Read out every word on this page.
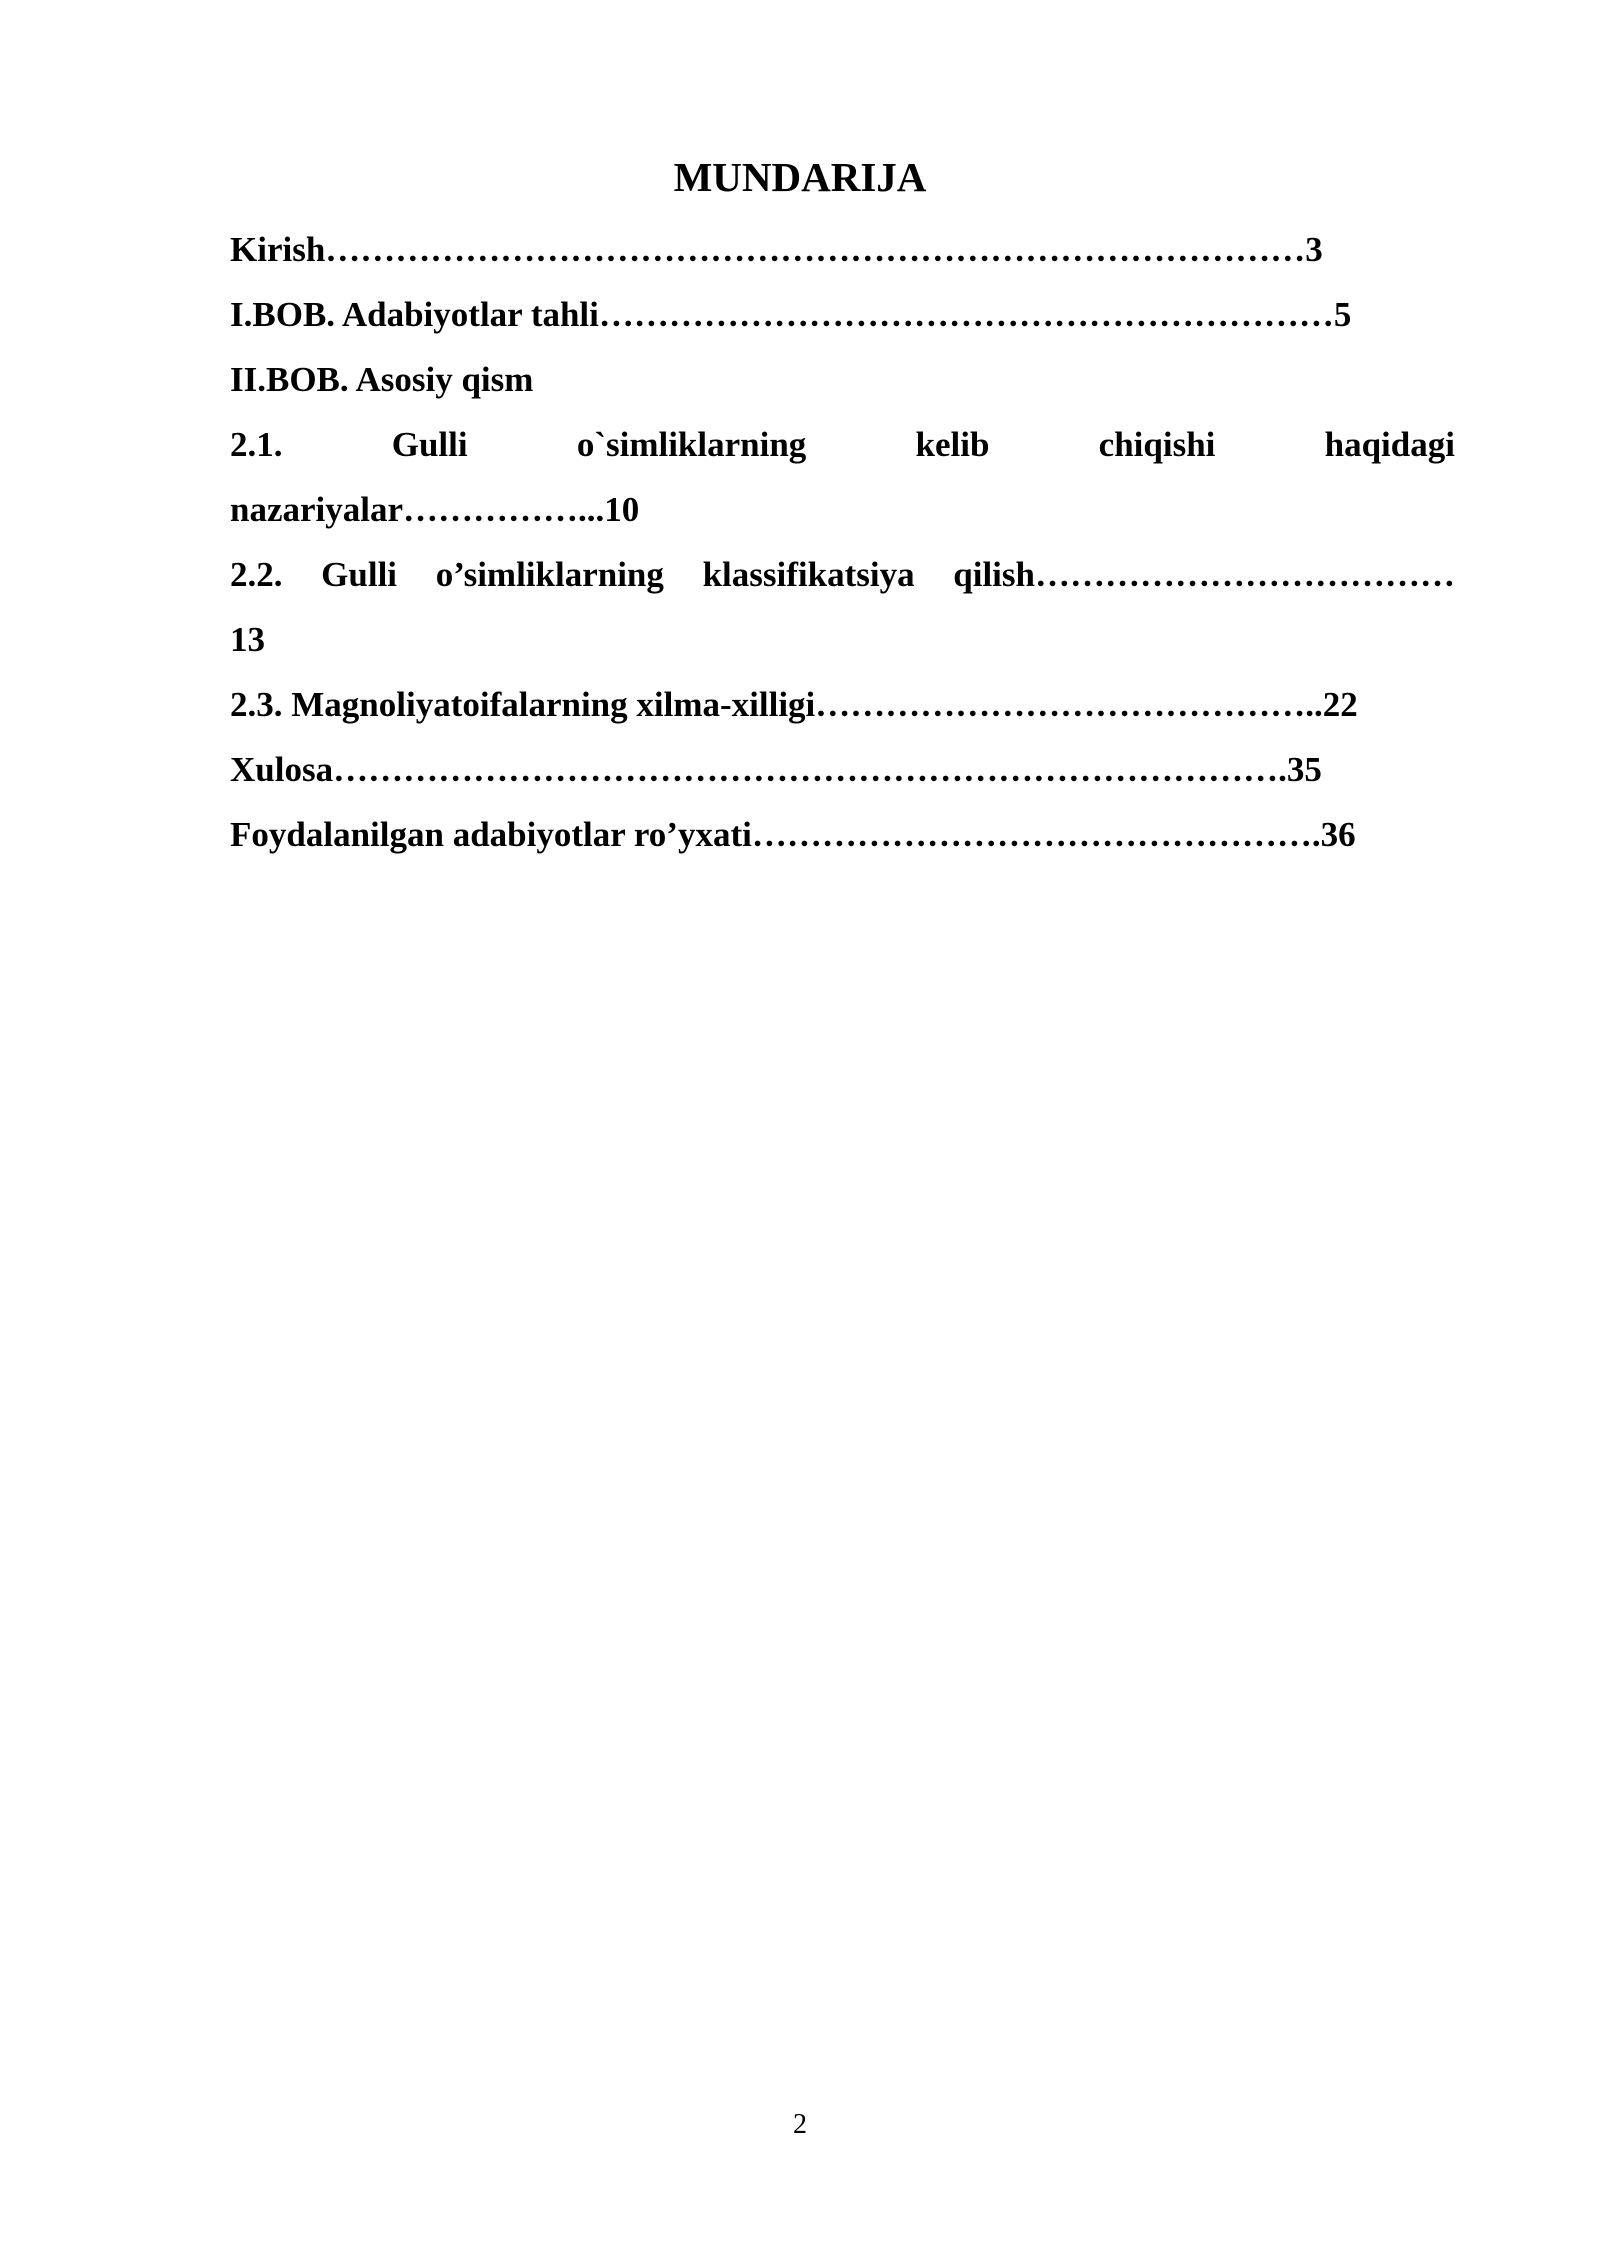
MUNDARIJA
Kirish…………………………………………………………………………3
I.BOB. Adabiyotlar tahli………………………………………………………5
II.BOB. Asosiy qism
2.1.	Gulli	o`simliklarning	kelib	chiqishi	haqidagi
nazariyalar……………...10
2.2. Gulli o’simliklarning klassifikatsiya qilish………………………………
13
2.3. Magnoliyatoifalarning xilma-xilligi……………………………………..22
Xulosa……………………………………………………………………….35
Foydalanilgan adabiyotlar ro’yxati………………………………………….36
2
